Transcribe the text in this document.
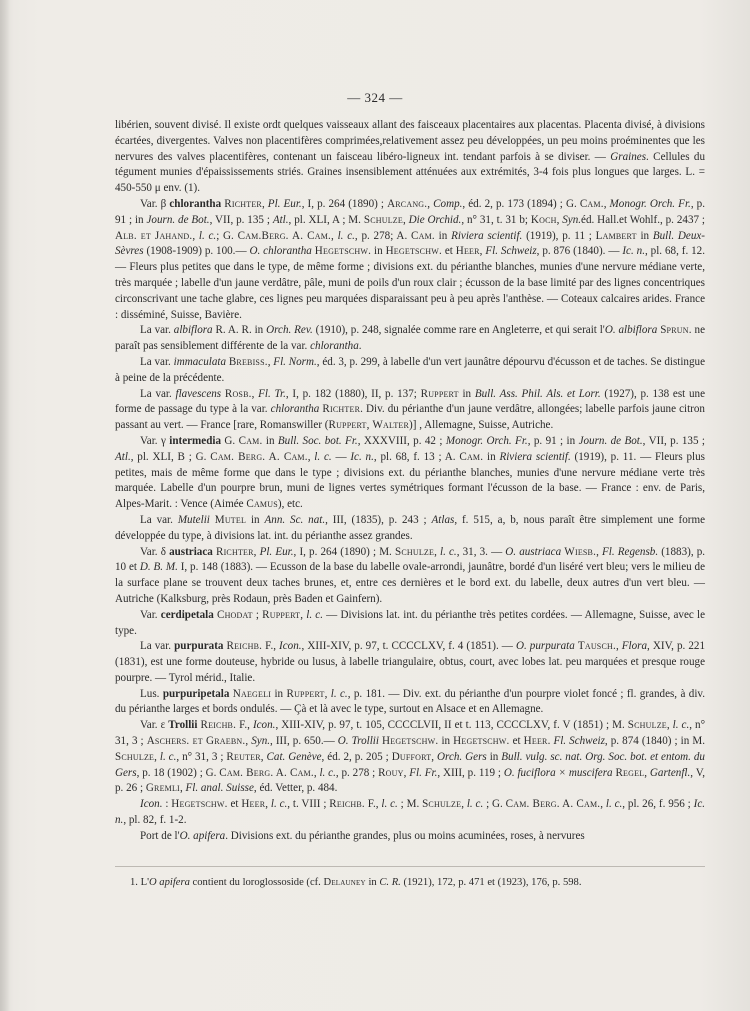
— 324 —

libérien, souvent divisé. Il existe ordt quelques vaisseaux allant des faisceaux placentaires aux placentas. Placenta divisé, à divisions écartées, divergentes. Valves non placentifères comprimées,relativement assez peu développées, un peu moins proéminentes que les nervures des valves placentifères, contenant un faisceau libéro-ligneux int. tendant parfois à se diviser. — Graines. Cellules du tégument munies d'épaississements striés. Graines insensiblement atténuées aux extrémités, 3-4 fois plus longues que larges. L. = 450-550 μ env. (1).

Var. β chlorantha Richter, Pl. Eur., I, p. 264 (1890) ; Arcang., Comp., éd. 2, p. 173 (1894) ; G. Cam., Monogr. Orch. Fr., p. 91 ; in Journ. de Bot., VII, p. 135 ; Atl., pl. XLI, A ; M. Schulze, Die Orchid., n° 31, t. 31 b; Koch, Syn.éd. Hall.et Wohlf., p. 2437 ; Alb. et Jahand., l. c.; G. Cam.Berg. A. Cam., l. c., p. 278; A. Cam. in Riviera scientif. (1919), p. 11 ; Lambert in Bull. Deux-Sèvres (1908-1909) p. 100.— O. chlorantha Hegetschw. in Hegetschw. et Heer, Fl. Schweiz, p. 876 (1840). — Ic. n., pl. 68, f. 12. — Fleurs plus petites que dans le type, de même forme ; divisions ext. du périanthe blanches, munies d'une nervure médiane verte, très marquée ; labelle d'un jaune verdâtre, pâle, muni de poils d'un roux clair ; écusson de la base limité par des lignes concentriques circonscrivant une tache glabre, ces lignes peu marquées disparaissant peu à peu après l'anthèse. — Coteaux calcaires arides. France : disséminé, Suisse, Bavière.

La var. albiflora R. A. R. in Orch. Rev. (1910), p. 248, signalée comme rare en Angleterre, et qui serait l'O. albiflora Sprun. ne paraît pas sensiblement différente de la var. chlorantha.

La var. immaculata Brebiss., Fl. Norm., éd. 3, p. 299, à labelle d'un vert jaunâtre dépourvu d'écusson et de taches. Se distingue à peine de la précédente.

La var. flavescens Rosb., Fl. Tr., I, p. 182 (1880), II, p. 137; Ruppert in Bull. Ass. Phil. Als. et Lorr. (1927), p. 138 est une forme de passage du type à la var. chlorantha Richter. Div. du périanthe d'un jaune verdâtre, allongées; labelle parfois jaune citron passant au vert. — France [rare, Romanswiller (Ruppert, Walter)] , Allemagne, Suisse, Autriche.

Var. γ intermedia G. Cam. in Bull. Soc. bot. Fr., XXXVIII, p. 42 ; Monogr. Orch. Fr., p. 91 ; in Journ. de Bot., VII, p. 135 ; Atl., pl. XLI, B ; G. Cam. Berg. A. Cam., l. c. — Ic. n., pl. 68, f. 13 ; A. Cam. in Riviera scientif. (1919), p. 11. — Fleurs plus petites, mais de même forme que dans le type ; divisions ext. du périanthe blanches, munies d'une nervure médiane verte très marquée. Labelle d'un pourpre brun, muni de lignes vertes symétriques formant l'écusson de la base. — France : env. de Paris, Alpes-Marit. : Vence (Aimée Camus), etc.

La var. Mutelii Mutel in Ann. Sc. nat., III, (1835), p. 243 ; Atlas, f. 515, a, b, nous paraît être simplement une forme développée du type, à divisions lat. int. du périanthe assez grandes.

Var. δ austriaca Richter, Pl. Eur., I, p. 264 (1890) ; M. Schulze, l. c., 31, 3. — O. austriaca Wiesb., Fl. Regensb. (1883), p. 10 et D. B. M. I, p. 148 (1883). — Ecusson de la base du labelle ovale-arrondi, jaunâtre, bordé d'un liséré vert bleu; vers le milieu de la surface plane se trouvent deux taches brunes, et, entre ces dernières et le bord ext. du labelle, deux autres d'un vert bleu. — Autriche (Kalksburg, près Rodaun, près Baden et Gainfern).

Var. cerdipetala Chodat ; Ruppert, l. c. — Divisions lat. int. du périanthe très petites cordées. — Allemagne, Suisse, avec le type.

La var. purpurata Reichb. F., Icon., XIII-XIV, p. 97, t. CCCCLXV, f. 4 (1851). — O. purpurata Tausch., Flora, XIV, p. 221 (1831), est une forme douteuse, hybride ou lusus, à labelle triangulaire, obtus, court, avec lobes lat. peu marquées et presque rouge pourpre. — Tyrol mérid., Italie.

Lus. purpuripetala Naegeli in Ruppert, l. c., p. 181. — Div. ext. du périanthe d'un pourpre violet foncé ; fl. grandes, à div. du périanthe larges et bords ondulés. — Çà et là avec le type, surtout en Alsace et en Allemagne.

Var. ε Trollii Reichb. F., Icon., XIII-XIV, p. 97, t. 105, CCCCLVII, II et t. 113, CCCCLXV, f. V (1851) ; M. Schulze, l. c., n° 31, 3 ; Aschers. et Graebn., Syn., III, p. 650.— O. Trollii Hegetschw. in Hegetschw. et Heer. Fl. Schweiz, p. 874 (1840) ; in M. Schulze, l. c., n° 31, 3 ; Reuter, Cat. Genève, éd. 2, p. 205 ; Duffort, Orch. Gers in Bull. vulg. sc. nat. Org. Soc. bot. et entom. du Gers, p. 18 (1902) ; G. Cam. Berg. A. Cam., l. c., p. 278 ; Rouy, Fl. Fr., XIII, p. 119 ; O. fuciflora × muscifera Regel, Gartenfl., V, p. 26 ; Gremli, Fl. anal. Suisse, éd. Vetter, p. 484.

Icon. : Hegetschw. et Heer, l. c., t. VIII ; Reichb. F., l. c. ; M. Schulze, l. c. ; G. Cam. Berg. A. Cam., l. c., pl. 26, f. 956 ; Ic. n., pl. 82, f. 1-2.

Port de l'O. apifera. Divisions ext. du périanthe grandes, plus ou moins acuminées, roses, à nervures

1. L'O apifera contient du loroglossoside (cf. Delauney in C. R. (1921), 172, p. 471 et (1923), 176, p. 598.
